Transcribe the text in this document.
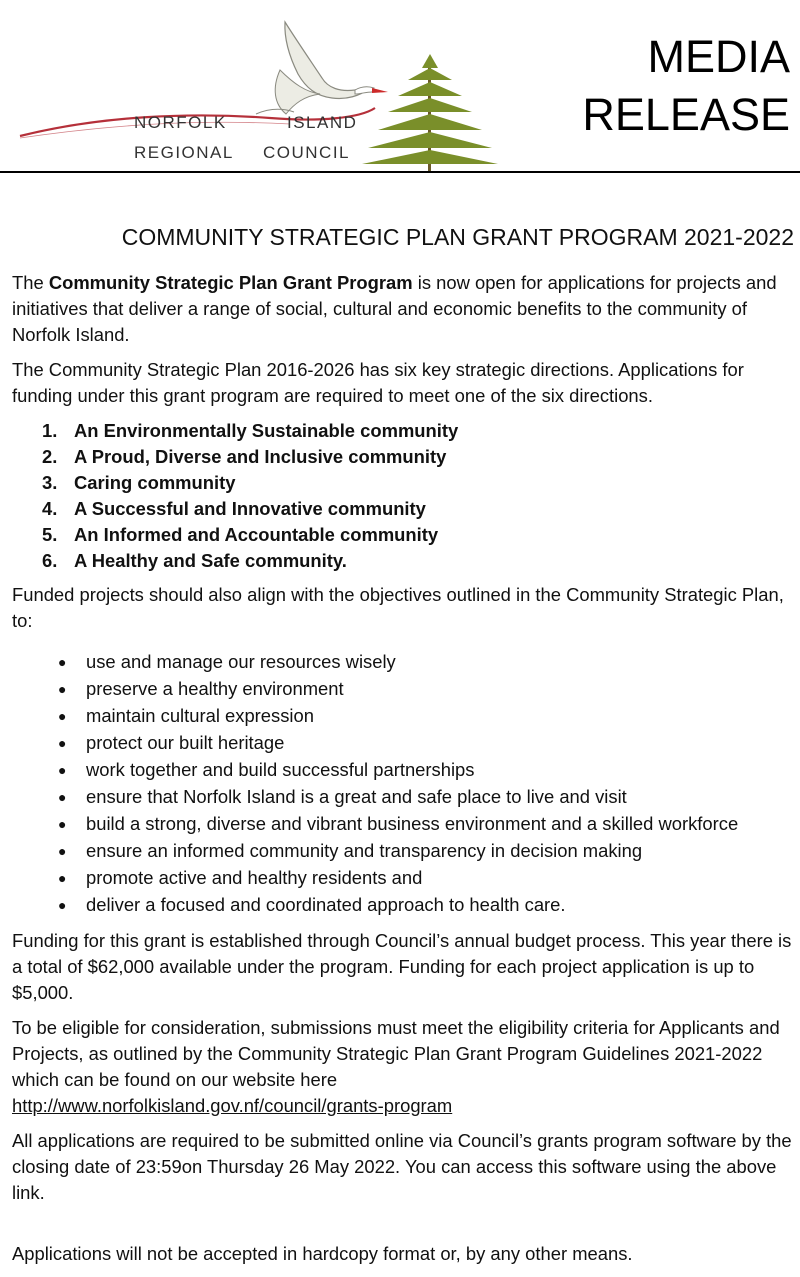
NORFOLK	ISLAND
REGIONAL COUNCIL
MEDIA
RELEASE
COMMUNITY STRATEGIC PLAN GRANT PROGRAM 2021-2022

The Community Strategic Plan Grant Program is now open for applications for projects and initiatives that deliver a range of social, cultural and economic benefits to the community of Norfolk Island.

The Community Strategic Plan 2016-2026 has six key strategic directions. Applications for funding under this grant program are required to meet one of the six directions.

1. An Environmentally Sustainable community
2. A Proud, Diverse and Inclusive community
3. Caring community
4. A Successful and Innovative community
5. An Informed and Accountable community
6. A Healthy and Safe community.

Funded projects should also align with the objectives outlined in the Community Strategic Plan, to:

●	use and manage our resources wisely
●	preserve a healthy environment
●	maintain cultural expression
●	protect our built heritage
●	work together and build successful partnerships
●	ensure that Norfolk Island is a great and safe place to live and visit
●	build a strong, diverse and vibrant business environment and a skilled workforce
●	ensure an informed community and transparency in decision making
●	promote active and healthy residents and
●	deliver a focused and coordinated approach to health care.

Funding for this grant is established through Council’s annual budget process. This year there is a total of $62,000 available under the program. Funding for each project application is up to $5,000.

To be eligible for consideration, submissions must meet the eligibility criteria for Applicants and Projects, as outlined by the Community Strategic Plan Grant Program Guidelines 2021-2022 which can be found on our website here
http://www.norfolkisland.gov.nf/council/grants-program

All applications are required to be submitted online via Council’s grants program software by the closing date of 23:59on Thursday 26 May 2022. You can access this software using the above link.

Applications will not be accepted in hardcopy format or, by any other means.
